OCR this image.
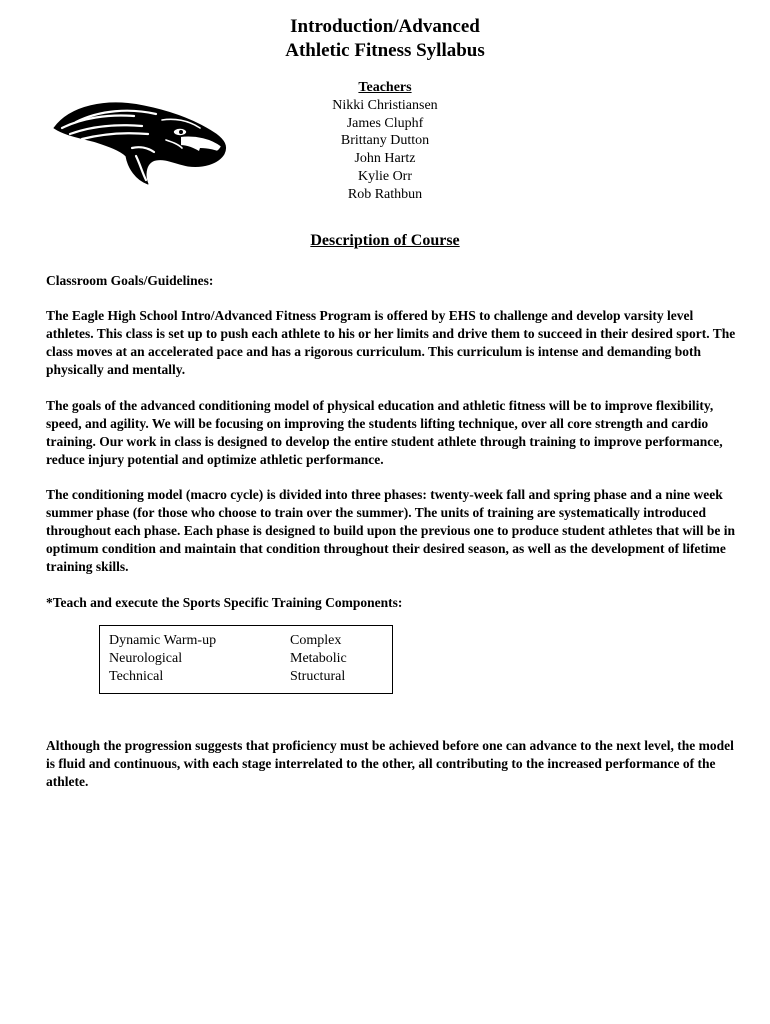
Introduction/Advanced
Athletic Fitness Syllabus
Teachers
Nikki Christiansen
James Cluphf
Brittany Dutton
John Hartz
Kylie Orr
Rob Rathbun
Description of Course

Classroom Goals/Guidelines:

The Eagle High School Intro/Advanced Fitness Program is offered by EHS to challenge and develop varsity level athletes. This class is set up to push each athlete to his or her limits and drive them to succeed in their desired sport. The class moves at an accelerated pace and has a rigorous curriculum. This curriculum is intense and demanding both physically and mentally.

The goals of the advanced conditioning model of physical education and athletic fitness will be to improve flexibility, speed, and agility. We will be focusing on improving the students lifting technique, over all core strength and cardio training. Our work in class is designed to develop the entire student athlete through training to improve performance, reduce injury potential and optimize athletic performance.

The conditioning model (macro cycle) is divided into three phases: twenty-week fall and spring phase and a nine week summer phase (for those who choose to train over the summer). The units of training are systematically introduced throughout each phase. Each phase is designed to build upon the previous one to produce student athletes that will be in optimum condition and maintain that condition throughout their desired season, as well as the development of lifetime training skills.

*Teach and execute the Sports Specific Training Components:

Dynamic Warm-up
Neurological
Technical
Complex
Metabolic
Structural

Although the progression suggests that proficiency must be achieved before one can advance to the next level, the model is fluid and continuous, with each stage interrelated to the other, all contributing to the increased performance of the athlete.
